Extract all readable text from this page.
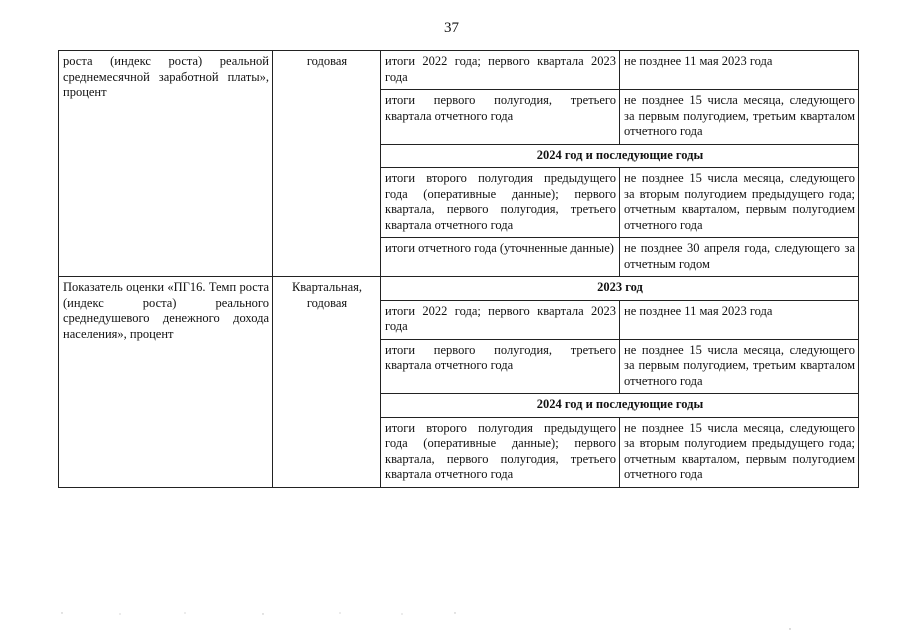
37
роста (индекс роста) реальной среднемесячной заработной платы», процент	годовая	итоги 2022 года; первого квартала 2023 года	не позднее 11 мая 2023 года
		итоги первого полугодия, третьего квартала отчетного года	не позднее 15 числа месяца, следующего за первым полугодием, третьим кварталом отчетного года
		2024 год и последующие годы	
		итоги второго полугодия предыдущего года (оперативные данные); первого квартала, первого полугодия, третьего квартала отчетного года	не позднее 15 числа месяца, следующего за вторым полугодием предыдущего года; отчетным кварталом, первым полугодием отчетного года
		итоги отчетного года (уточненные данные)	не позднее 30 апреля года, следующего за отчетным годом
Показатель оценки «ПГ16. Темп роста (индекс роста) реального среднедушевого денежного дохода населения», процент	Квартальная, годовая	2023 год	
		итоги 2022 года; первого квартала 2023 года	не позднее 11 мая 2023 года
		итоги первого полугодия, третьего квартала отчетного года	не позднее 15 числа месяца, следующего за первым полугодием, третьим кварталом отчетного года
		2024 год и последующие годы	
		итоги второго полугодия предыдущего года (оперативные данные); первого квартала, первого полугодия, третьего квартала отчетного года	не позднее 15 числа месяца, следующего за вторым полугодием предыдущего года; отчетным кварталом, первым полугодием отчетного года
